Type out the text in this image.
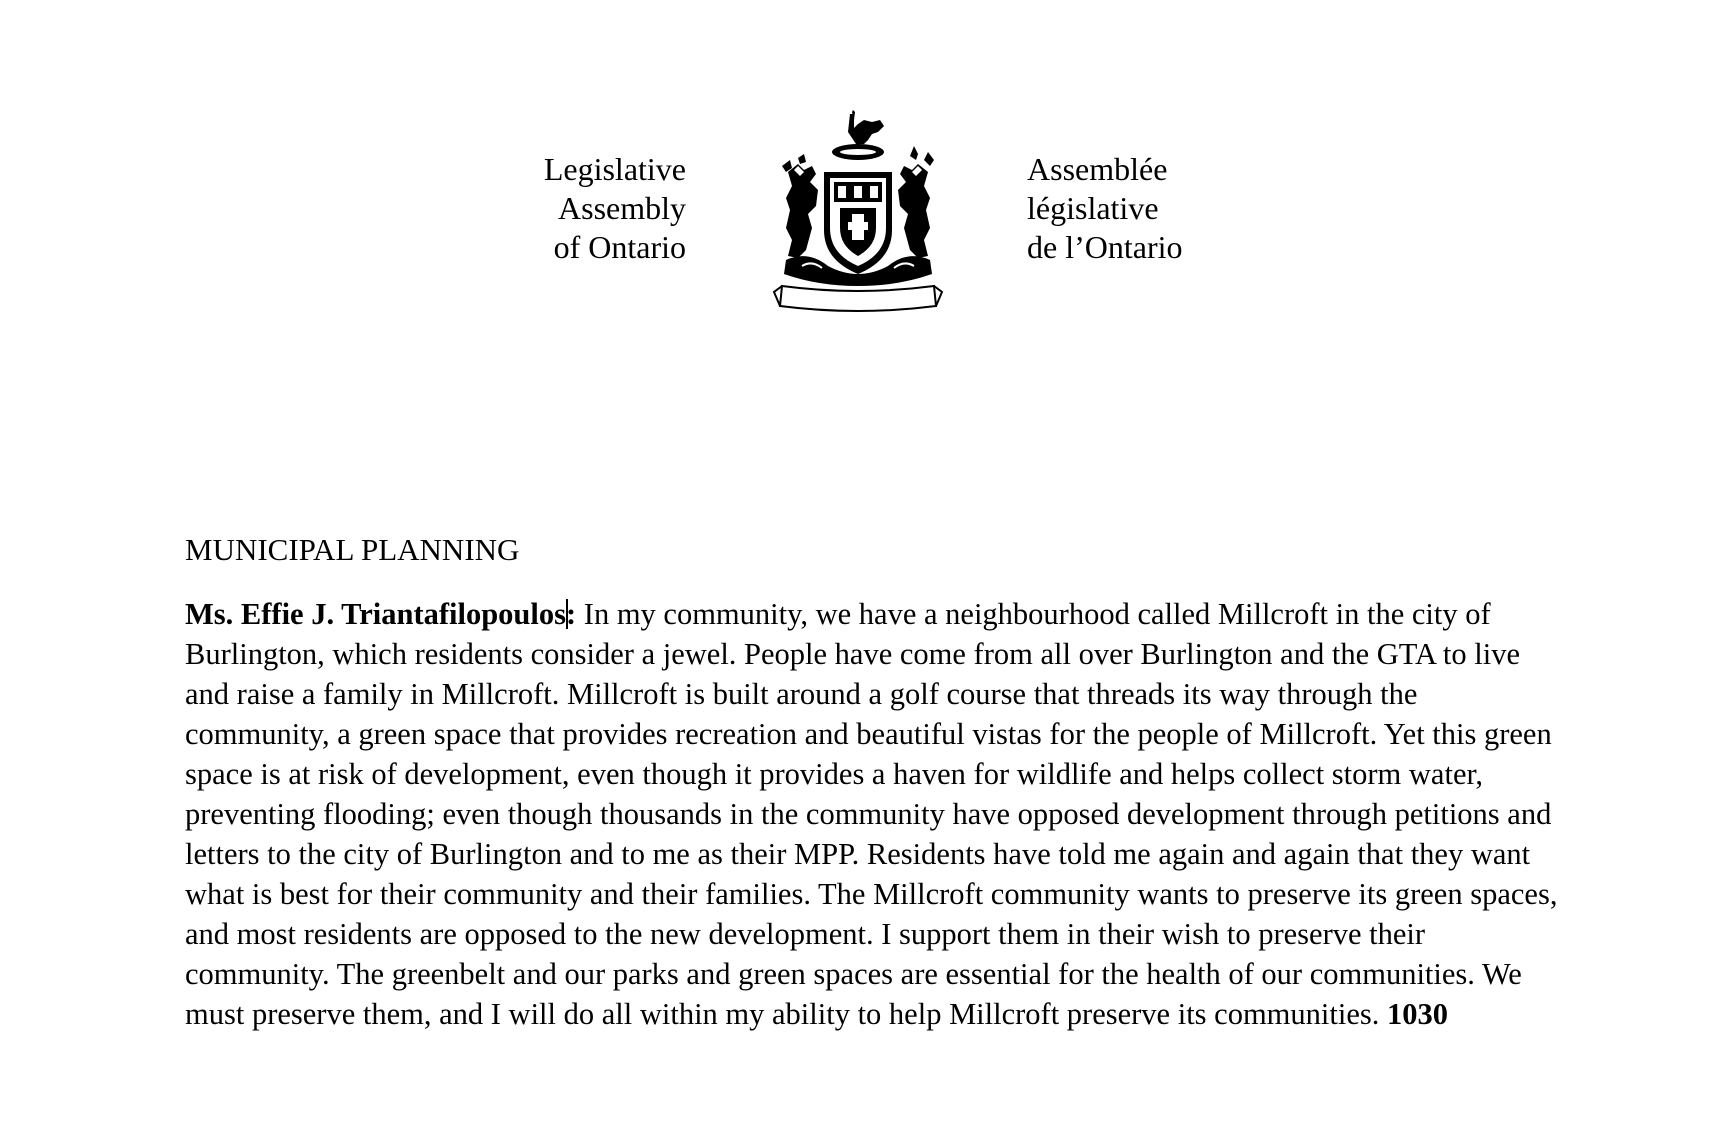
Legislative
Assembly
of Ontario
Assemblée
législative
de l’Ontario
MUNICIPAL PLANNING

Ms. Effie J. Triantafilopoulos: In my community, we have a neighbourhood called Millcroft in the city of Burlington, which residents consider a jewel. People have come from all over Burlington and the GTA to live and raise a family in Millcroft. Millcroft is built around a golf course that threads its way through the community, a green space that provides recreation and beautiful vistas for the people of Millcroft. Yet this green space is at risk of development, even though it provides a haven for wildlife and helps collect storm water, preventing flooding; even though thousands in the community have opposed development through petitions and letters to the city of Burlington and to me as their MPP. Residents have told me again and again that they want what is best for their community and their families. The Millcroft community wants to preserve its green spaces, and most residents are opposed to the new development. I support them in their wish to preserve their community. The greenbelt and our parks and green spaces are essential for the health of our communities. We must preserve them, and I will do all within my ability to help Millcroft preserve its communities. 1030
